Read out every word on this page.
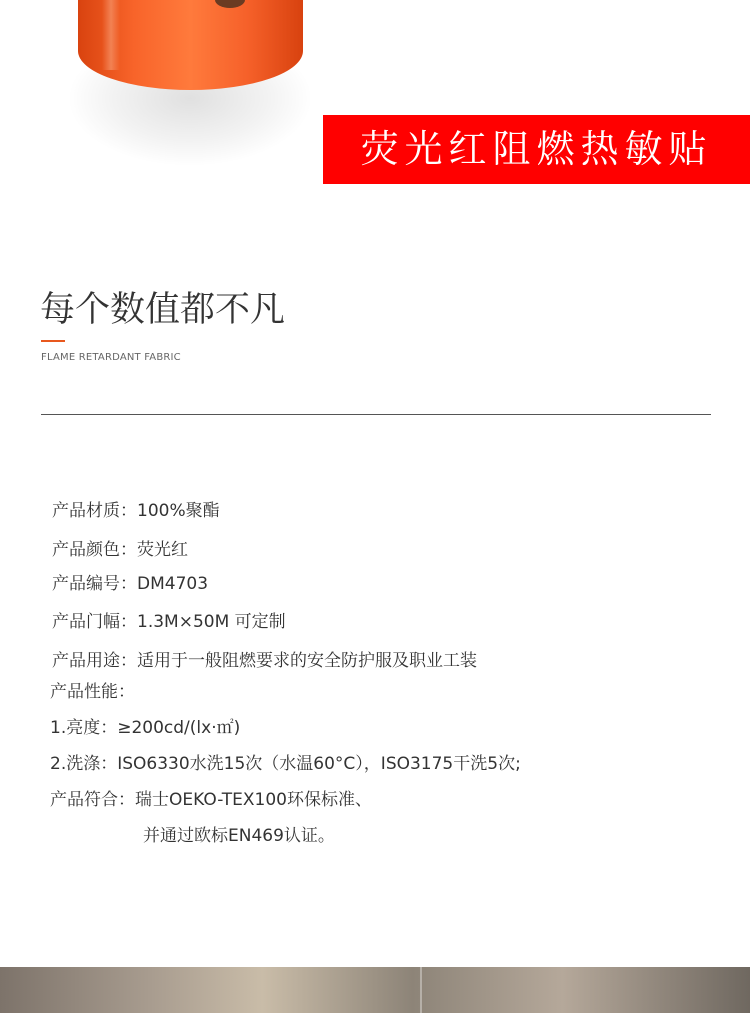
荧光红阻燃热敏贴
每个数值都不凡
FLAME RETARDANT FABRIC
产品材质：100%聚酯
产品颜色：荧光红
产品编号：DM4703
产品门幅：1.3M×50M 可定制
产品用途：适用于一般阻燃要求的安全防护服及职业工装
产品性能：
1.亮度：≥200cd/(lx·㎡)
2.洗涤：ISO6330水洗15次（水温60°C），ISO3175干洗5次;
产品符合：瑞士OEKO-TEX100环保标准、
并通过欧标EN469认证。
